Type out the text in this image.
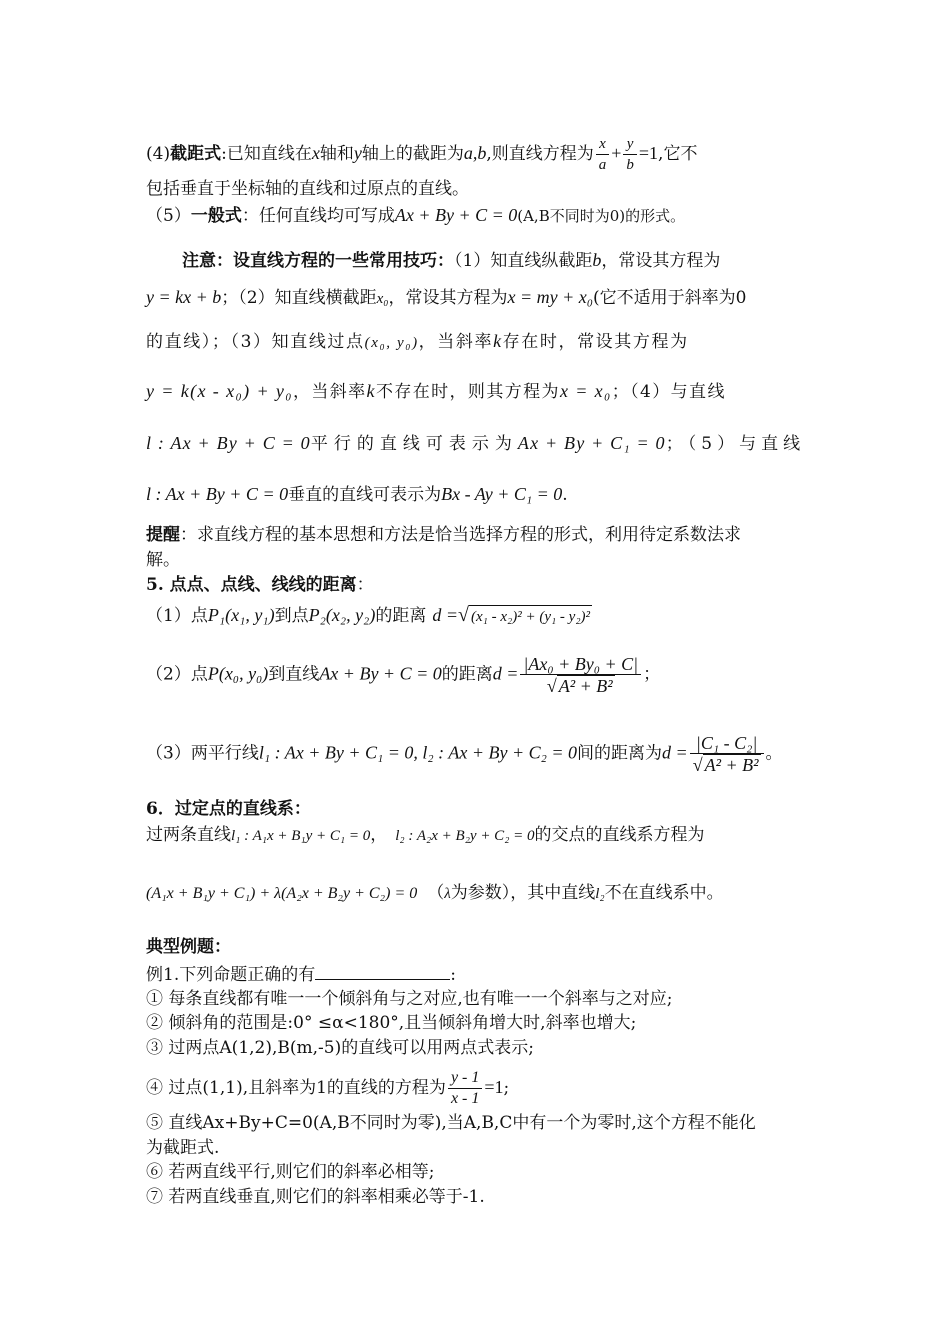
(4)截距式:已知直线在x轴和y轴上的截距为a,b,则直线方程为 $\frac{x}{a} + \frac{y}{b} =1$,它不
包括垂直于坐标轴的直线和过原点的直线。
（5）一般式：任何直线均可写成Ax + By + C = 0(A,B不同时为0)的形式。
注意：设直线方程的一些常用技巧：（1）知直线纵截距b，常设其方程为
y = kx + b；（2）知直线横截距x₀，常设其方程为x = my + x₀(它不适用于斜率为0
的直线）；（3）知直线过点(x₀, y₀)，当斜率k存在时，常设其方程为
y = k(x - x₀) + y₀，当斜率k不存在时，则其方程为x = x₀；（4）与直线
l : Ax + By + C = 0平行的直线可表示为Ax + By + C₁ = 0；（5）与直线
l : Ax + By + C = 0垂直的直线可表示为Bx - Ay + C₁ = 0.
提醒：求直线方程的基本思想和方法是恰当选择方程的形式，利用待定系数法求
解。
5. 点点、点线、线线的距离：
（1）点P₁(x₁, y₁)到点P₂(x₂, y₂)的距离 d =√ (x₁ - x₂)² + (y₁ - y₂)²
（2）点P(x₀, y₀)到直线Ax + By + C = 0的距离$d = \frac{\text{|Ax₀ + By₀ + C|}}{\text{√ A² + B²}}$ ；
（3）两平行线l₁ : Ax + By + C₁ = 0, l₂ : Ax + By + C₂ = 0间的距离为$d = \frac{\text{|C₁ - C₂|}}{\text{√ A² + B²}}$ 。
6．过定点的直线系：
过两条直线l₁ : A₁x + B₁y + C₁ = 0， l₂ : A₂x + B₂y + C₂ = 0的交点的直线系方程为
(A₁x + B₁y + C₁) + λ(A₂x + B₂y + C₂) = 0 （λ为参数），其中直线l₂不在直线系中。
典型例题：
例1.下列命题正确的有	:
① 每条直线都有唯一一个倾斜角与之对应,也有唯一一个斜率与之对应;
② 倾斜角的范围是:0° ≤α<180°,且当倾斜角增大时,斜率也增大;
③ 过两点A(1,2),B(m,-5)的直线可以用两点式表示;
④ 过点(1,1),且斜率为1的直线的方程为 $\frac{y - 1}{x - 1} =1$;
⑤ 直线Ax+By+C=0(A,B不同时为零),当A,B,C中有一个为零时,这个方程不能化
为截距式.
⑥ 若两直线平行,则它们的斜率必相等;
⑦ 若两直线垂直,则它们的斜率相乘必等于-1.
